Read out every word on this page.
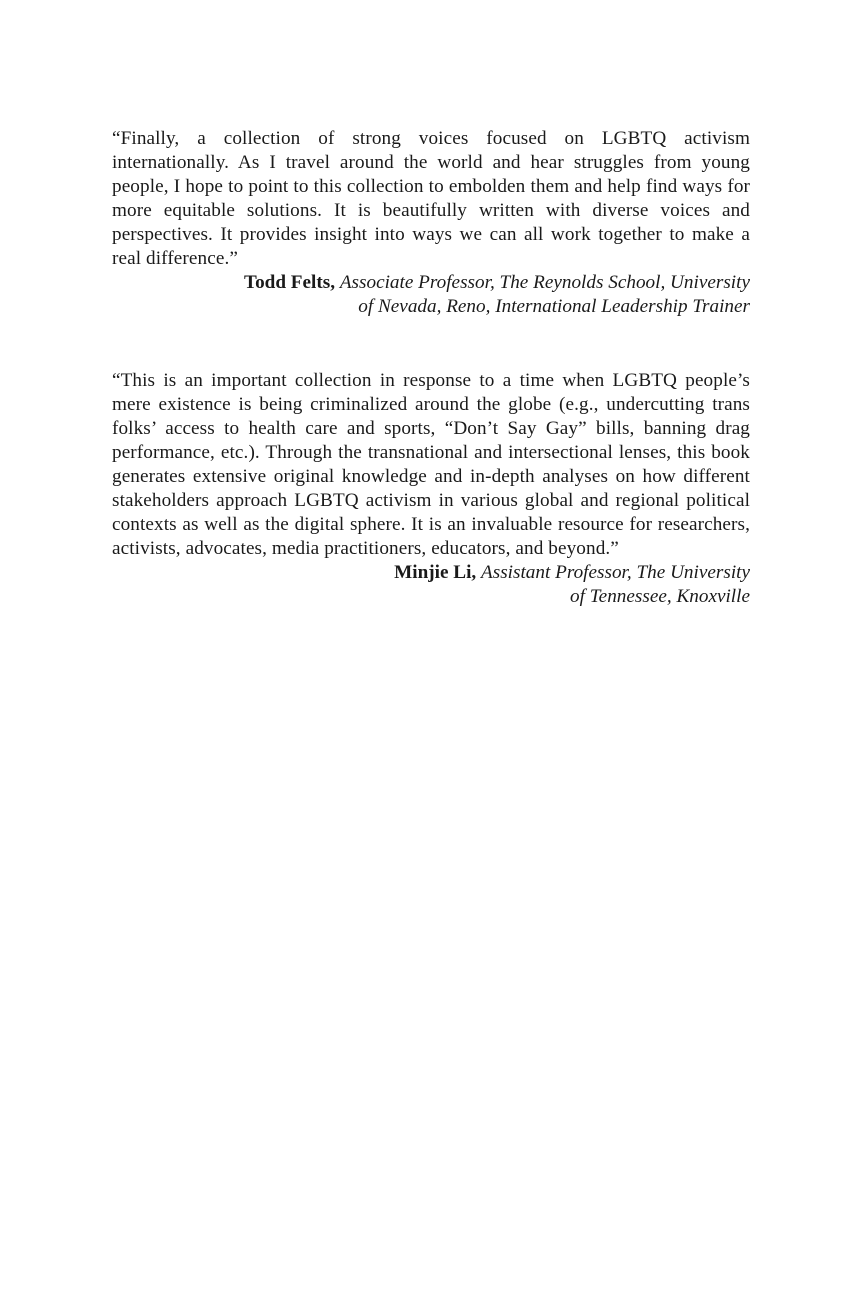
“Finally, a collection of strong voices focused on LGBTQ activism internationally. As I travel around the world and hear struggles from young people, I hope to point to this collection to embolden them and help find ways for more equitable solutions. It is beautifully written with diverse voices and perspectives. It provides insight into ways we can all work together to make a real difference.”

Todd Felts, Associate Professor, The Reynolds School, University
of Nevada, Reno, International Leadership Trainer

“This is an important collection in response to a time when LGBTQ people’s mere existence is being criminalized around the globe (e.g., undercutting trans folks’ access to health care and sports, “Don’t Say Gay” bills, banning drag performance, etc.). Through the transnational and intersectional lenses, this book generates extensive original knowledge and in-depth analyses on how different stakeholders approach LGBTQ activism in various global and regional political contexts as well as the digital sphere. It is an invaluable resource for researchers, activists, advocates, media practitioners, educators, and beyond.”

Minjie Li, Assistant Professor, The University
of Tennessee, Knoxville
